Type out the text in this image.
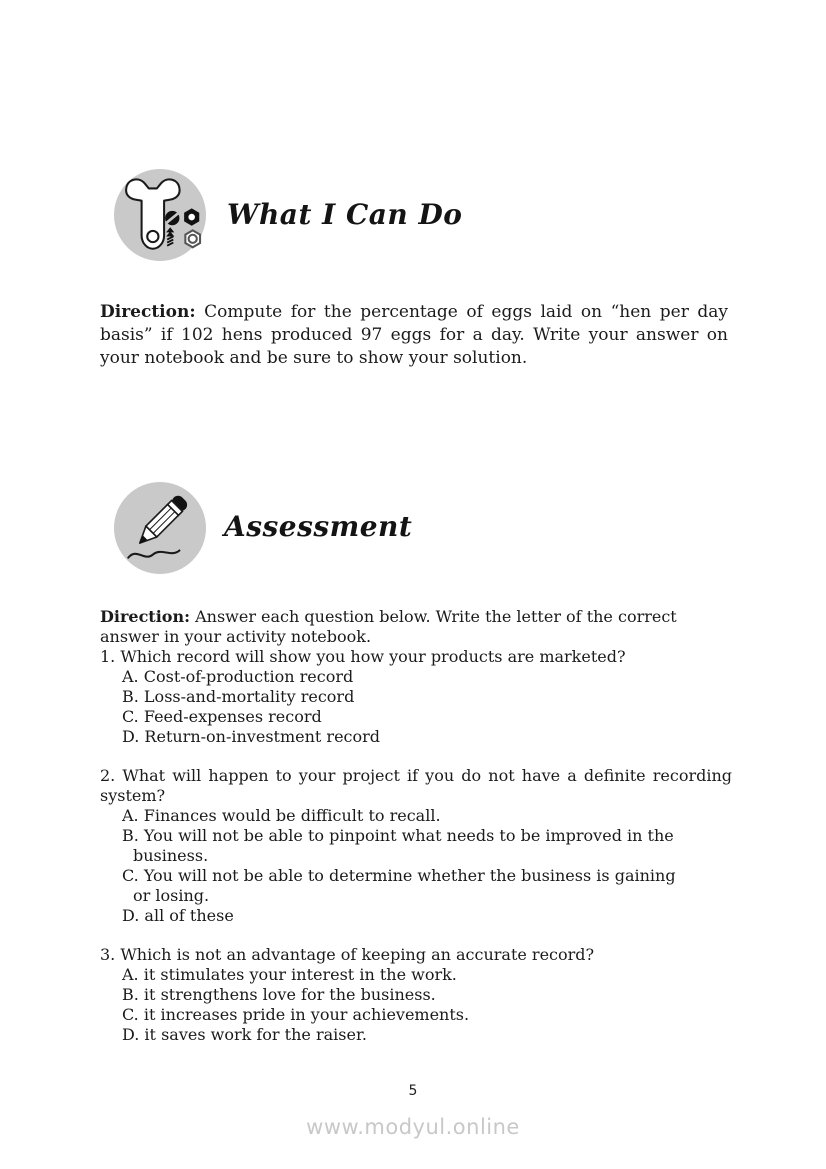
What I Can Do

Direction: Compute for the percentage of eggs laid on “hen per day basis” if 102 hens produced 97 eggs for a day. Write your answer on your notebook and be sure to show your solution.

Assessment

Direction: Answer each question below. Write the letter of the correct answer in your activity notebook.

1. Which record will show you how your products are marketed?

A. Cost-of-production record

B. Loss-and-mortality record

C. Feed-expenses record

D. Return-on-investment record

2. What will happen to your project if you do not have a definite recording system?

A. Finances would be difficult to recall.

B. You will not be able to pinpoint what needs to be improved in the business.

C. You will not be able to determine whether the business is gaining or losing.

D. all of these

3. Which is not an advantage of keeping an accurate record?

A. it stimulates your interest in the work.

B. it strengthens love for the business.

C. it increases pride in your achievements.

D. it saves work for the raiser.

5
www.modyul.online
